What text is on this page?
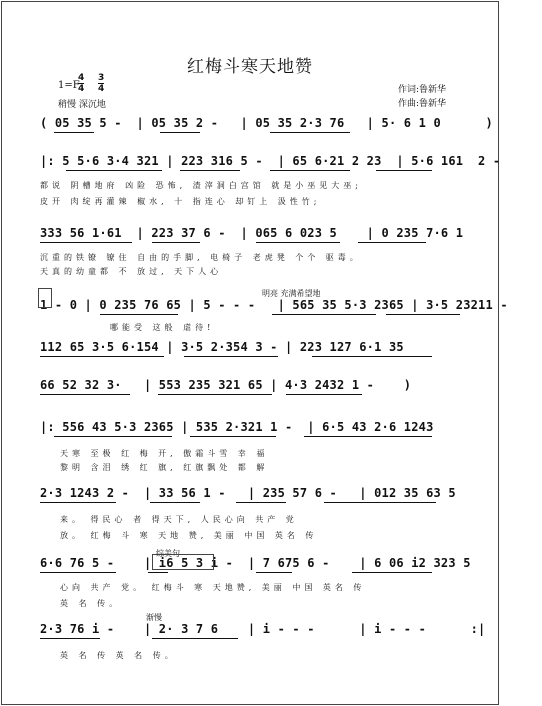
红梅斗寒天地赞
作词:鲁新华
作曲:鲁新华
1=F
4
4
3
4
稍慢 深沉地
( 05 35 5 -  | 05 35 2 -   | 05 35 2·3 76   | 5· 6 1 0      )
|: 5 5·6 3·4 321 | 223 316 5 -  | 65 6·21 2 23  | 5·6 161  2 -
都说 阴槽地府 凶险 恐怖, 渣滓洞白宫馆 就是小巫见大巫;
皮开 肉绽再灌辣 椒水, 十 指连心 却钉上 汲性竹;
333 56 1·61  | 223 37 6 -  | 065 6 023 5    | 0 235 7·6 1
沉重的铁镣 镣住 自由的手脚, 电椅子 老虎凳 个个 驱毒。
天真的幼童都 不 放过, 天下人心
明亮 充满希望地
1 - 0 | 0 235 76 65 | 5 - - -   | 565 35 5·3 2365 | 3·5 23211 -
哪能受 这般 虐待!
112 65 3·5 6·154 | 3·5 2·354 3 - | 223 127 6·1 35
66 52 32 3·   | 553 235 321 65 | 4·3 2432 1 -    )
|: 556 43 5·3 2365 | 535 2·321 1 -  | 6·5 43 2·6 1243
天寒 至极 红 梅 开, 傲霜斗雪 幸 福
黎明 含泪 绣 红 旗, 红旗飘处 都 解
2·3 1243 2 -  | 33 56 1 -   | 235 57 6 -   | 012 35 63 5
来。 得民心 者 得天下, 人民心向 共产 党
放。 红梅 斗 寒 天地 赞, 美丽 中国 英名 传
综美句
6·6 76 5 -    | i6 5 3 i -  | 7 675 6 -    | 6 06 i2 323 5
心向 共产 党。 红梅斗 寒 天地赞, 美丽 中国 英名 传
英 名 传。
渐慢
2·3 76 i -    | 2· 3 7 6    | i - - -      | i - - -      :|
英 名 传 英 名 传。
